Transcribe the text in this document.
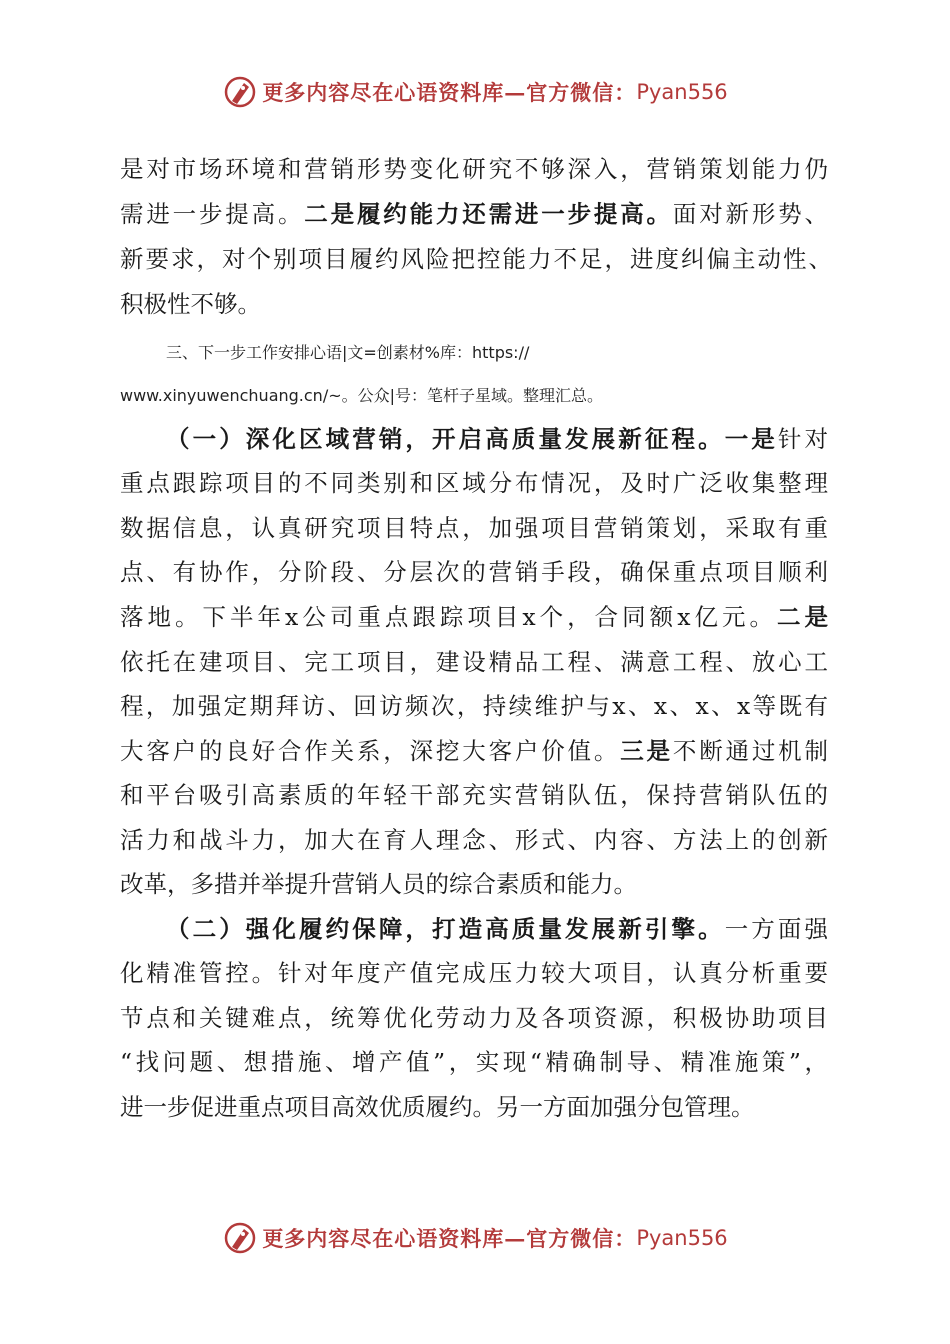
更多内容尽在心语资料库—官方微信： Pyan556
是对市场环境和营销形势变化研究不够深入，营销策划能力仍
需进一步提高。二是履约能力还需进一步提高。面对新形势、
新要求，对个别项目履约风险把控能力不足，进度纠偏主动性、
积极性不够。
三、下一步工作安排心语|文=创素材%库：https://
www.xinyuwenchuang.cn/~。公众|号：笔杆子星域。整理汇总。
（一）深化区域营销，开启高质量发展新征程。一是针对
重点跟踪项目的不同类别和区域分布情况，及时广泛收集整理
数据信息，认真研究项目特点，加强项目营销策划，采取有重
点、有协作，分阶段、分层次的营销手段，确保重点项目顺利
落地。下半年x公司重点跟踪项目x个，合同额x亿元。二是
依托在建项目、完工项目，建设精品工程、满意工程、放心工
程，加强定期拜访、回访频次，持续维护与x、x、x、x等既有
大客户的良好合作关系，深挖大客户价值。三是不断通过机制
和平台吸引高素质的年轻干部充实营销队伍，保持营销队伍的
活力和战斗力，加大在育人理念、形式、内容、方法上的创新
改革，多措并举提升营销人员的综合素质和能力。
（二）强化履约保障，打造高质量发展新引擎。一方面强
化精准管控。针对年度产值完成压力较大项目，认真分析重要
节点和关键难点，统筹优化劳动力及各项资源，积极协助项目
“找问题、想措施、增产值”，实现“精确制导、精准施策”，
进一步促进重点项目高效优质履约。另一方面加强分包管理。
更多内容尽在心语资料库—官方微信： Pyan556
